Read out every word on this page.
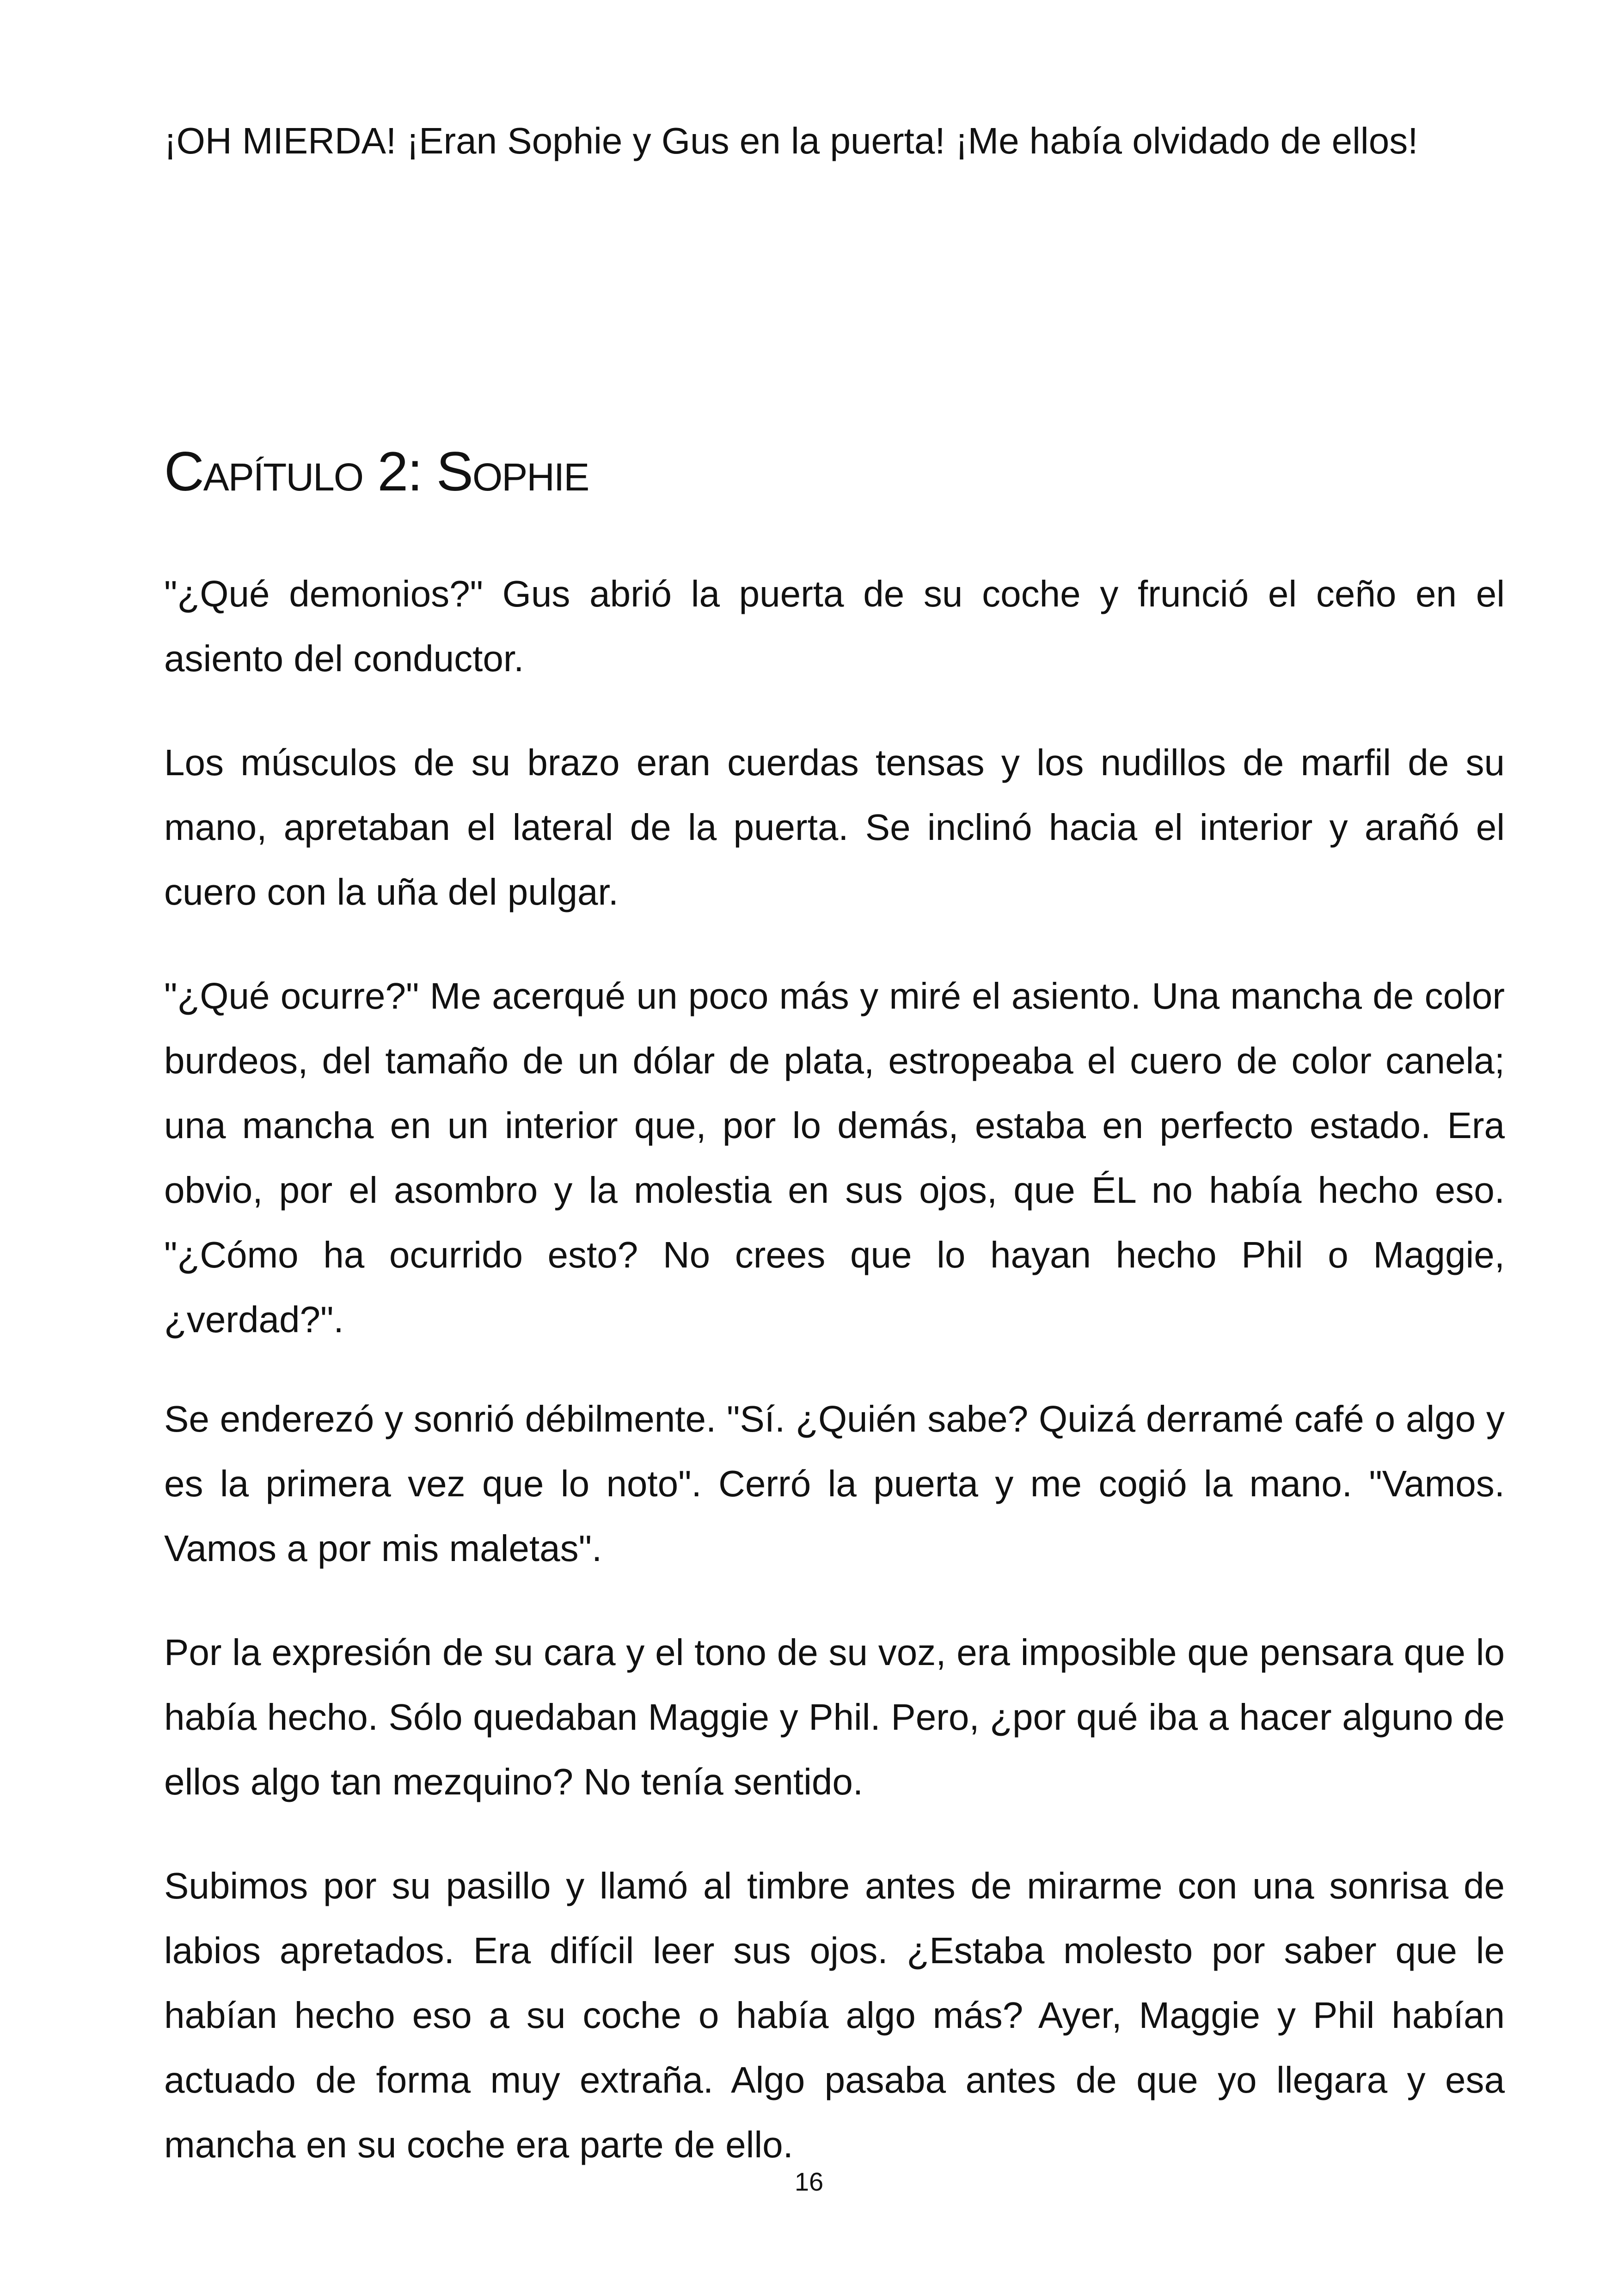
¡OH MIERDA! ¡Eran Sophie y Gus en la puerta! ¡Me había olvidado de ellos!

Capítulo 2: Sophie

"¿Qué demonios?" Gus abrió la puerta de su coche y frunció el ceño en el asiento del conductor.

Los músculos de su brazo eran cuerdas tensas y los nudillos de marfil de su mano, apretaban el lateral de la puerta. Se inclinó hacia el interior y arañó el cuero con la uña del pulgar.

"¿Qué ocurre?" Me acerqué un poco más y miré el asiento. Una mancha de color burdeos, del tamaño de un dólar de plata, estropeaba el cuero de color canela; una mancha en un interior que, por lo demás, estaba en perfecto estado. Era obvio, por el asombro y la molestia en sus ojos, que ÉL no había hecho eso. "¿Cómo ha ocurrido esto? No crees que lo hayan hecho Phil o Maggie, ¿verdad?".

Se enderezó y sonrió débilmente. "Sí. ¿Quién sabe? Quizá derramé café o algo y es la primera vez que lo noto". Cerró la puerta y me cogió la mano. "Vamos. Vamos a por mis maletas".

Por la expresión de su cara y el tono de su voz, era imposible que pensara que lo había hecho. Sólo quedaban Maggie y Phil. Pero, ¿por qué iba a hacer alguno de ellos algo tan mezquino? No tenía sentido.

Subimos por su pasillo y llamó al timbre antes de mirarme con una sonrisa de labios apretados. Era difícil leer sus ojos. ¿Estaba molesto por saber que le habían hecho eso a su coche o había algo más? Ayer, Maggie y Phil habían actuado de forma muy extraña. Algo pasaba antes de que yo llegara y esa mancha en su coche era parte de ello.

16
